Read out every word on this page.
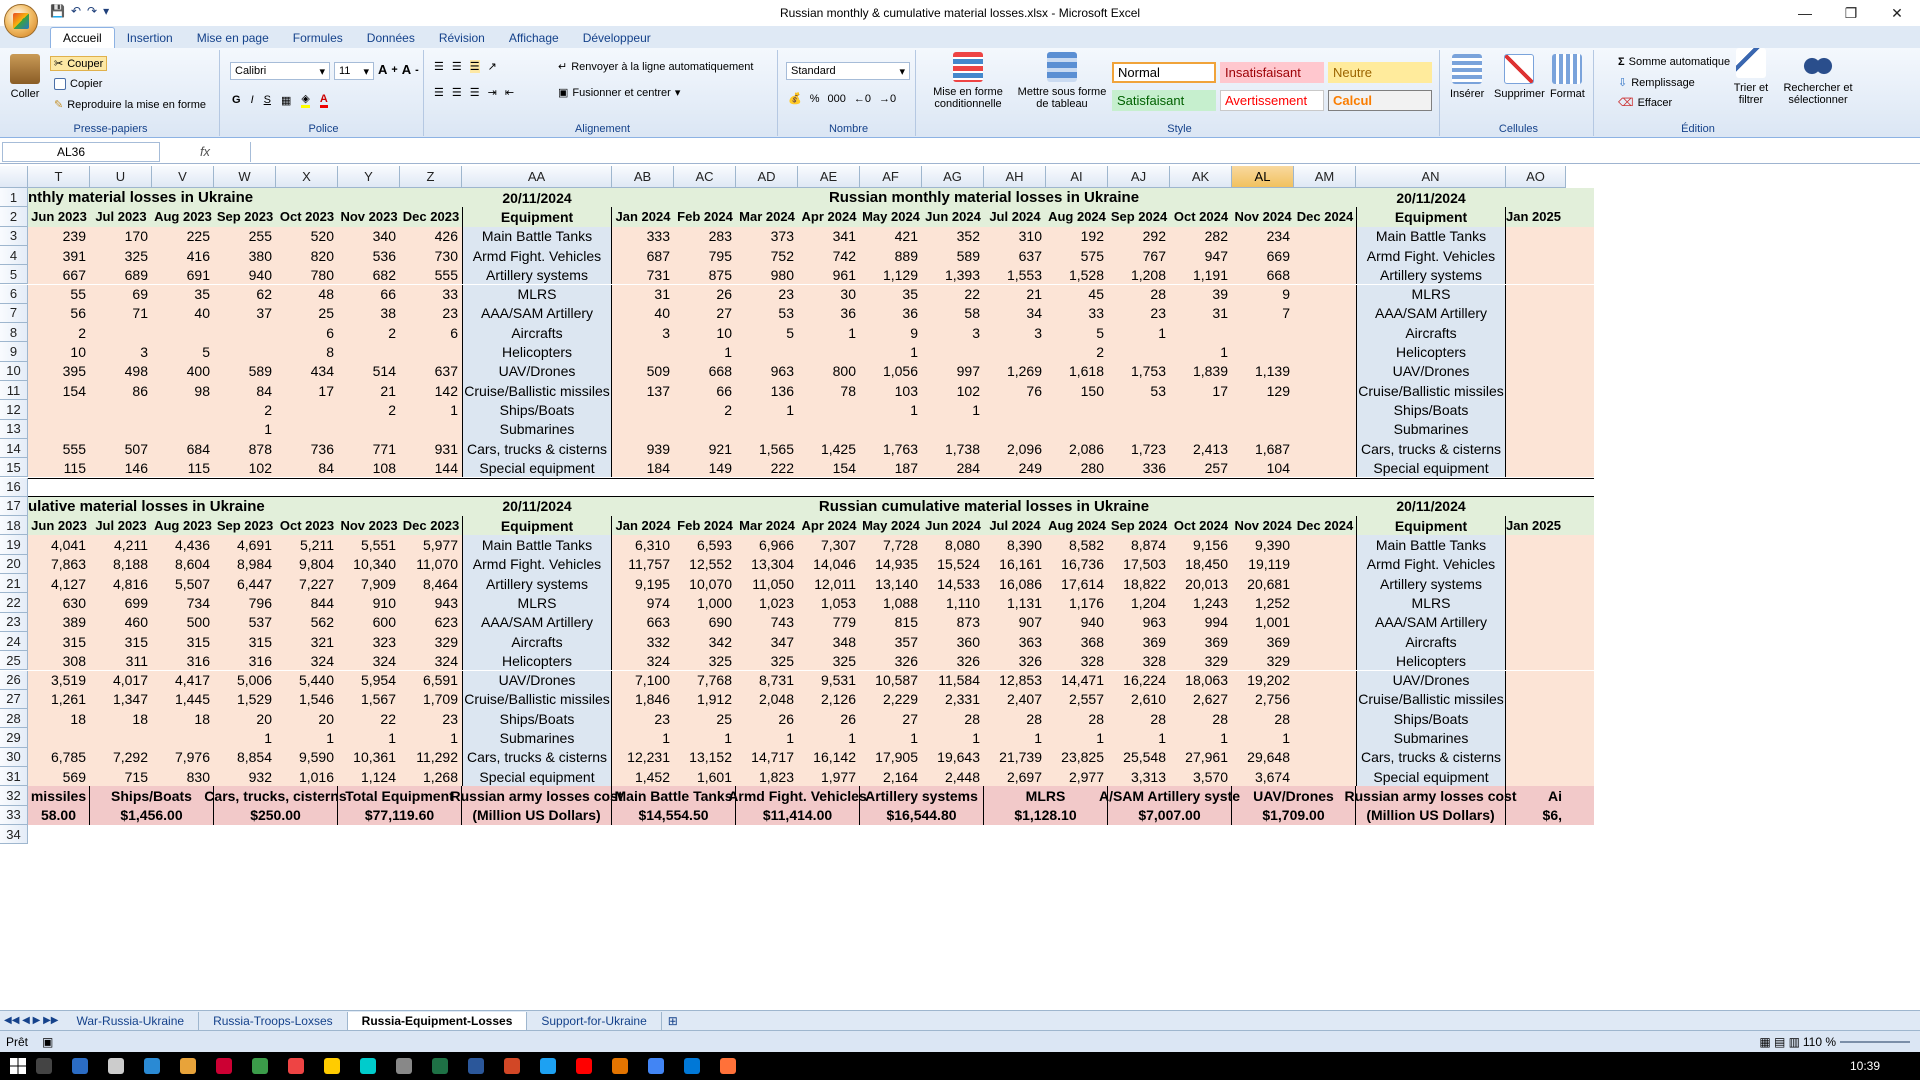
💾 ↶ ↷ ▾	Russian monthly & cumulative material losses.xlsx - Microsoft Excel	—	❐	✕
Accueil	Insertion	Mise en page	Formules	Données	Révision	Affichage	Développeur
Coller
✂ Couper
Copier
✎ Reproduire la mise en forme
Presse-papiers
Calibri	▾ 11 ▾ A + A -
G I S ▦ ◈ A
Police
☰ ☰ ☰ ↗
☰ ☰ ☰ ⇥ ⇤
↵ Renvoyer à la ligne automatiquement
▣ Fusionner et centrer ▾
Alignement
Standard	▾
💰 % 000 ←0 →0
Nombre
Mise en forme conditionnelle
Mettre sous forme de tableau
Normal	Insatisfaisant	Neutre
Satisfaisant	Avertissement	Calcul
Style
Insérer Supprimer Format
Cellules
Σ Somme automatique
⇩ Remplissage
⌫ Effacer
Trier et filtrer
Rechercher et sélectionner
Édition
AL36	fx
T	U	V	W	X	Y	Z	AA	AB	AC	AD	AE	AF	AG	AH	AI	AJ	AK	AL	AM	AN	AO
1
2
3
4
5
6
7
8
9
10
11
12
13
14
15
16
17
18
19
20
21
22
23
24
25
26
27
28
29
30
31
32
33
34
nthly material losses in Ukraine	20/11/2024	Russian monthly material losses in Ukraine	20/11/2024
Jun 2023 Jul 2023 Aug 2023 Sep 2023 Oct 2023 Nov 2023 Dec 2023	Equipment	Jan 2024 Feb 2024 Mar 2024 Apr 2024 May 2024 Jun 2024 Jul 2024 Aug 2024 Sep 2024 Oct 2024 Nov 2024 Dec 2024	Equipment	Jan 2025
ulative material losses in Ukraine	20/11/2024	Russian cumulative material losses in Ukraine	20/11/2024
Jun 2023 Jul 2023 Aug 2023 Sep 2023 Oct 2023 Nov 2023 Dec 2023	Equipment	Jan 2024 Feb 2024 Mar 2024 Apr 2024 May 2024 Jun 2024 Jul 2024 Aug 2024 Sep 2024 Oct 2024 Nov 2024 Dec 2024	Equipment	Jan 2025
239	170	225	255	520	340	426	Main Battle Tanks	333	283	373	341	421	352	310	192	292	282	234	Main Battle Tanks
391	325	416	380	820	536	730	Armd Fight. Vehicles	687	795	752	742	889	589	637	575	767	947	669	Armd Fight. Vehicles
667	689	691	940	780	682	555	Artillery systems	731	875	980	961	1,129	1,393	1,553	1,528	1,208	1,191	668	Artillery systems
55	69	35	62	48	66	33	MLRS	31	26	23	30	35	22	21	45	28	39	9	MLRS
56	71	40	37	25	38	23	AAA/SAM Artillery	40	27	53	36	36	58	34	33	23	31	7	AAA/SAM Artillery
2	6	2	6	Aircrafts	3	10	5	1	9	3	3	5	1	Aircrafts
10	3	5	8	Helicopters	1	1	2	1	Helicopters
395	498	400	589	434	514	637	UAV/Drones	509	668	963	800	1,056	997	1,269	1,618	1,753	1,839	1,139	UAV/Drones
154	86	98	84	17	21	142 Cruise/Ballistic missiles	137	66	136	78	103	102	76	150	53	17	129	Cruise/Ballistic missiles
2	2	1	Ships/Boats	2	1	1	1	Ships/Boats
1	Submarines	Submarines
555	507	684	878	736	771	931 Cars, trucks & cisterns	939	921	1,565	1,425	1,763	1,738	2,096	2,086	1,723	2,413	1,687	Cars, trucks & cisterns
115	146	115	102	84	108	144	Special equipment	184	149	222	154	187	284	249	280	336	257	104	Special equipment
4,041	4,211	4,436	4,691	5,211	5,551	5,977	Main Battle Tanks	6,310	6,593	6,966	7,307	7,728	8,080	8,390	8,582	8,874	9,156	9,390	Main Battle Tanks
7,863	8,188	8,604	8,984	9,804	10,340	11,070	Armd Fight. Vehicles	11,757	12,552	13,304	14,046	14,935	15,524	16,161	16,736	17,503	18,450	19,119	Armd Fight. Vehicles
4,127	4,816	5,507	6,447	7,227	7,909	8,464	Artillery systems	9,195	10,070	11,050	12,011	13,140	14,533	16,086	17,614	18,822	20,013	20,681	Artillery systems
630	699	734	796	844	910	943	MLRS	974	1,000	1,023	1,053	1,088	1,110	1,131	1,176	1,204	1,243	1,252	MLRS
389	460	500	537	562	600	623	AAA/SAM Artillery	663	690	743	779	815	873	907	940	963	994	1,001	AAA/SAM Artillery
315	315	315	315	321	323	329	Aircrafts	332	342	347	348	357	360	363	368	369	369	369	Aircrafts
308	311	316	316	324	324	324	Helicopters	324	325	325	325	326	326	326	328	328	329	329	Helicopters
3,519	4,017	4,417	5,006	5,440	5,954	6,591	UAV/Drones	7,100	7,768	8,731	9,531	10,587	11,584	12,853	14,471	16,224	18,063	19,202	UAV/Drones
1,261	1,347	1,445	1,529	1,546	1,567	1,709 Cruise/Ballistic missiles	1,846	1,912	2,048	2,126	2,229	2,331	2,407	2,557	2,610	2,627	2,756	Cruise/Ballistic missiles
18	18	18	20	20	22	23	Ships/Boats	23	25	26	26	27	28	28	28	28	28	28	Ships/Boats
1	1	1	1	Submarines	1	1	1	1	1	1	1	1	1	1	1	Submarines
6,785	7,292	7,976	8,854	9,590	10,361	11,292 Cars, trucks & cisterns	12,231	13,152	14,717	16,142	17,905	19,643	21,739	23,825	25,548	27,961	29,648	Cars, trucks & cisterns
569	715	830	932	1,016	1,124	1,268	Special equipment	1,452	1,601	1,823	1,977	2,164	2,448	2,697	2,977	3,313	3,570	3,674	Special equipment
missiles
58.00
Ships/Boats
$1,456.00
Cars, trucks, cisterns
$250.00
Total Equipment
$77,119.60
Russian army losses cost
(Million US Dollars)
Main Battle Tanks
$14,554.50
Armd Fight. Vehicles
$11,414.00
Artillery systems
$16,544.80
MLRS
$1,128.10
A/SAM Artillery syste
$7,007.00
UAV/Drones
$1,709.00
Russian army losses cost
(Million US Dollars)
Ai
$6,
◀◀ ◀ ▶ ▶▶	War-Russia-Ukraine	Russia-Troops-Loxses	Russia-Equipment-Losses	Support-for-Ukraine	⊞
Prêt ▣	▦ ▤ ▥ 110 %
10:39
